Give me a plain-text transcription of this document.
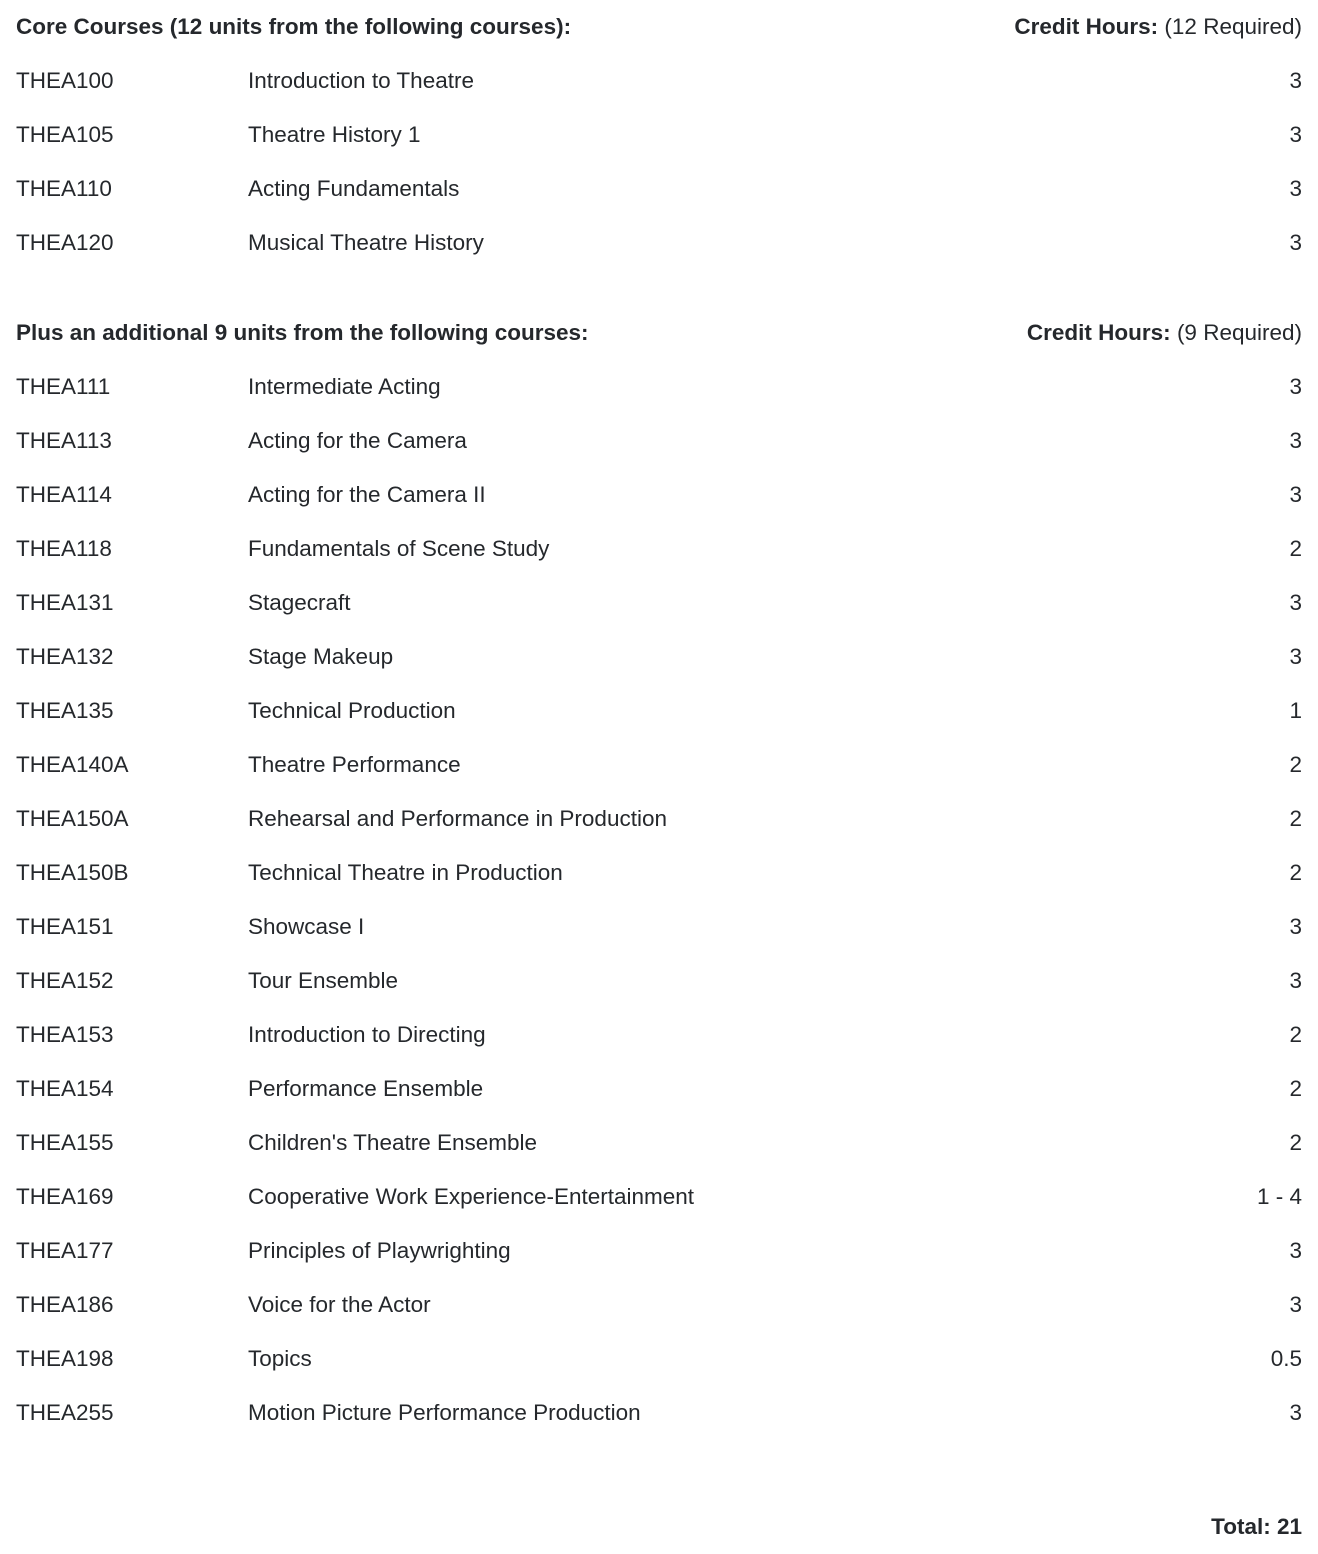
Core Courses (12 units from the following courses):	Credit Hours: (12 Required)
THEA100	Introduction to Theatre	3
THEA105	Theatre History 1	3
THEA110	Acting Fundamentals	3
THEA120	Musical Theatre History	3
Plus an additional 9 units from the following courses:	Credit Hours: (9 Required)
THEA111	Intermediate Acting	3
THEA113	Acting for the Camera	3
THEA114	Acting for the Camera II	3
THEA118	Fundamentals of Scene Study	2
THEA131	Stagecraft	3
THEA132	Stage Makeup	3
THEA135	Technical Production	1
THEA140A	Theatre Performance	2
THEA150A	Rehearsal and Performance in Production	2
THEA150B	Technical Theatre in Production	2
THEA151	Showcase I	3
THEA152	Tour Ensemble	3
THEA153	Introduction to Directing	2
THEA154	Performance Ensemble	2
THEA155	Children's Theatre Ensemble	2
THEA169	Cooperative Work Experience-Entertainment	1 - 4
THEA177	Principles of Playwrighting	3
THEA186	Voice for the Actor	3
THEA198	Topics	0.5
THEA255	Motion Picture Performance Production	3
Total: 21
